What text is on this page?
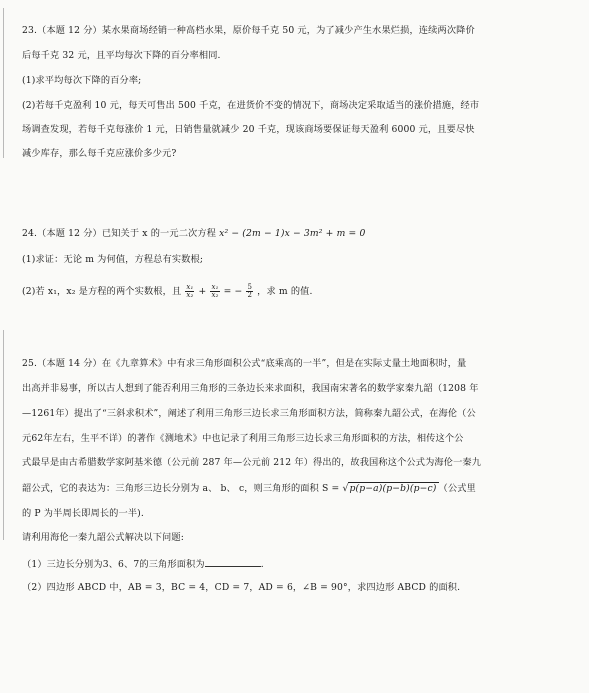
23.（本题 12 分）某水果商场经销一种高档水果，原价每千克 50 元，为了减少产生水果烂损，连续两次降价
后每千克 32 元，且平均每次下降的百分率相同.
(1)求平均每次下降的百分率;
(2)若每千克盈利 10 元，每天可售出 500 千克，在进货价不变的情况下，商场决定采取适当的涨价措施，经市
场调查发现，若每千克每涨价 1 元，日销售量就减少 20 千克，现该商场要保证每天盈利 6000 元，且要尽快
减少库存，那么每千克应涨价多少元?
24.（本题 12 分）已知关于 x 的一元二次方程 x² − (2m − 1)x − 3m² + m = 0
(1)求证：无论 m 为何值，方程总有实数根;
(2)若 x₁，x₂ 是方程的两个实数根，且 $\frac{\text{x₁}}{\text{x₂}} + \frac{\text{x₁}}{\text{x₂}}$ = − $\frac{5}{2}$ ，求 m 的值.
25.（本题 14 分）在《九章算术》中有求三角形面积公式“底乘高的一半”，但是在实际丈量土地面积时，量
出高并非易事，所以古人想到了能否利用三角形的三条边长来求面积，我国南宋著名的数学家秦九韶（1208 年
—1261年）提出了“三斜求积术”，阐述了利用三角形三边长求三角形面积方法，简称秦九韶公式，在海伦（公
元62年左右，生平不详）的著作《测地术》中也记录了利用三角形三边长求三角形面积的方法，相传这个公
式最早是由古希腊数学家阿基米德（公元前 287 年—公元前 212 年）得出的，故我国称这个公式为海伦一秦九
韶公式，它的表达为：三角形三边长分别为 a、 b、 c，则三角形的面积 S = √p(p−a)(p−b)(p−c) （公式里
的 P 为半周长即周长的一半).
请利用海伦一秦九韶公式解决以下问题:
（1）三边长分别为3、6、7的三角形面积为	.
（2）四边形 ABCD 中，AB = 3，BC = 4，CD = 7，AD = 6，∠B = 90°，求四边形 ABCD 的面积.
